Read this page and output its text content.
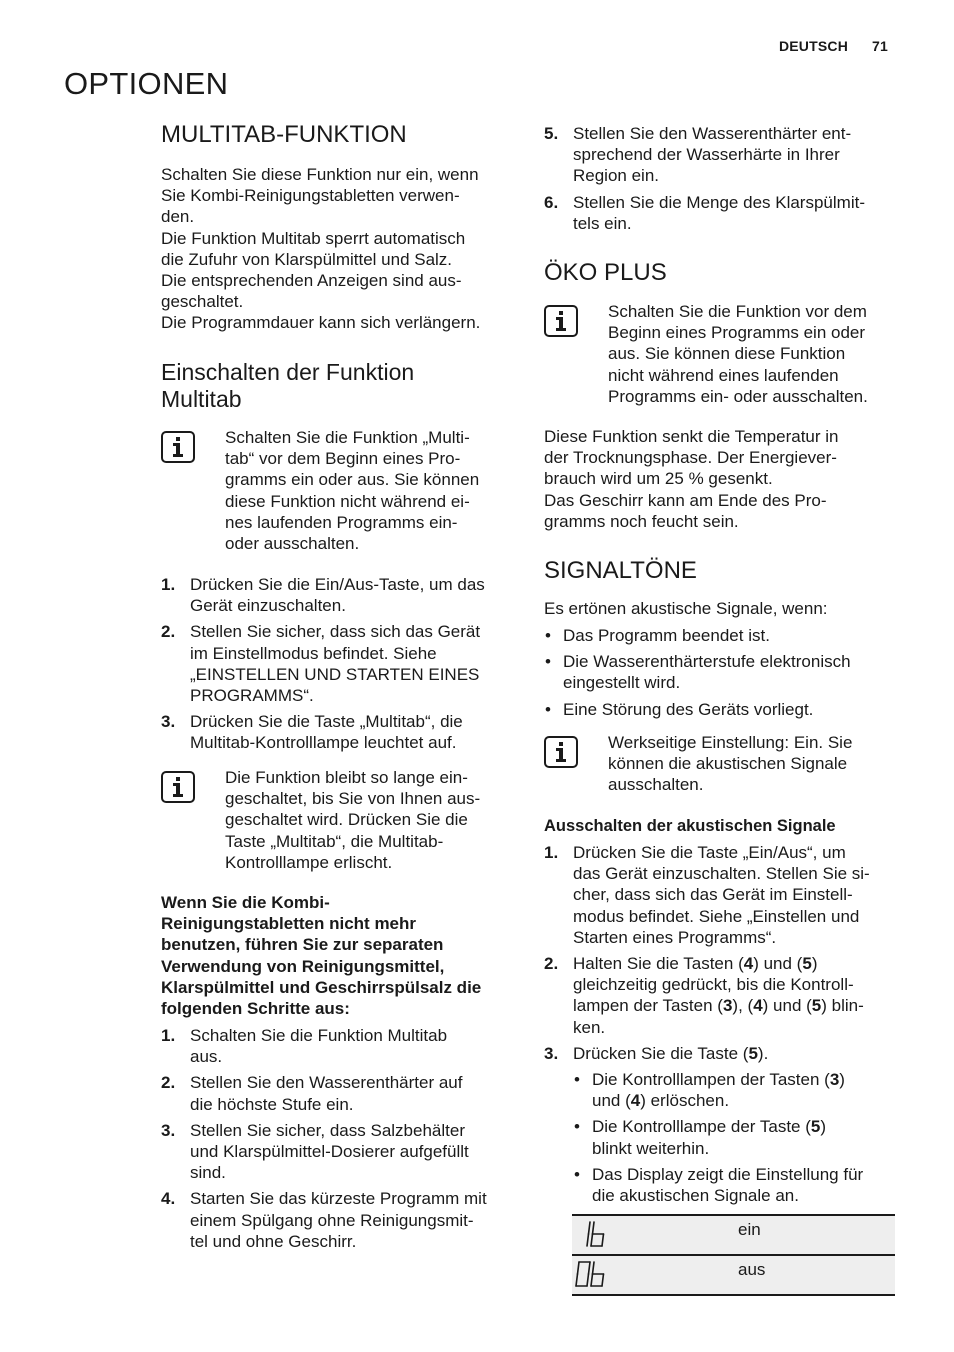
DEUTSCH 71
OPTIONEN
MULTITAB-FUNKTION
Schalten Sie diese Funktion nur ein, wenn
Sie Kombi-Reinigungstabletten verwen-
den.
Die Funktion Multitab sperrt automatisch
die Zufuhr von Klarspülmittel und Salz.
Die entsprechenden Anzeigen sind aus-
geschaltet.
Die Programmdauer kann sich verlängern.
Einschalten der Funktion
Multitab
Schalten Sie die Funktion „Multi-
tab“ vor dem Beginn eines Pro-
gramms ein oder aus. Sie können
diese Funktion nicht während ei-
nes laufenden Programms ein-
oder ausschalten.
1. Drücken Sie die Ein/Aus-Taste, um das
Gerät einzuschalten.
2. Stellen Sie sicher, dass sich das Gerät
im Einstellmodus befindet. Siehe
„EINSTELLEN UND STARTEN EINES
PROGRAMMS“.
3. Drücken Sie die Taste „Multitab“, die
Multitab-Kontrolllampe leuchtet auf.
Die Funktion bleibt so lange ein-
geschaltet, bis Sie von Ihnen aus-
geschaltet wird. Drücken Sie die
Taste „Multitab“, die Multitab-
Kontrolllampe erlischt.
Wenn Sie die Kombi-
Reinigungstabletten nicht mehr
benutzen, führen Sie zur separaten
Verwendung von Reinigungsmittel,
Klarspülmittel und Geschirrspülsalz die
folgenden Schritte aus:
1. Schalten Sie die Funktion Multitab
aus.
2. Stellen Sie den Wasserenthärter auf
die höchste Stufe ein.
3. Stellen Sie sicher, dass Salzbehälter
und Klarspülmittel-Dosierer aufgefüllt
sind.
4. Starten Sie das kürzeste Programm mit
einem Spülgang ohne Reinigungsmit-
tel und ohne Geschirr.
5. Stellen Sie den Wasserenthärter ent-
sprechend der Wasserhärte in Ihrer
Region ein.
6. Stellen Sie die Menge des Klarspülmit-
tels ein.
ÖKO PLUS
Schalten Sie die Funktion vor dem
Beginn eines Programms ein oder
aus. Sie können diese Funktion
nicht während eines laufenden
Programms ein- oder ausschalten.
Diese Funktion senkt die Temperatur in
der Trocknungsphase. Der Energiever-
brauch wird um 25 % gesenkt.
Das Geschirr kann am Ende des Pro-
gramms noch feucht sein.
SIGNALTÖNE

Es ertönen akustische Signale, wenn:

• Das Programm beendet ist.
• Die Wasserenthärterstufe elektronisch
eingestellt wird.
• Eine Störung des Geräts vorliegt.
Werkseitige Einstellung: Ein. Sie
können die akustischen Signale
ausschalten.
Ausschalten der akustischen Signale
1. Drücken Sie die Taste „Ein/Aus“, um
das Gerät einzuschalten. Stellen Sie si-
cher, dass sich das Gerät im Einstell-
modus befindet. Siehe „Einstellen und
Starten eines Programms“.
2. Halten Sie die Tasten (4) und (5)
gleichzeitig gedrückt, bis die Kontroll-
lampen der Tasten (3), (4) und (5) blin-
ken.
3. Drücken Sie die Taste (5).
• Die Kontrolllampen der Tasten (3)
und (4) erlöschen.
• Die Kontrolllampe der Taste (5)
blinkt weiterhin.
• Das Display zeigt die Einstellung für
die akustischen Signale an.
ein
aus
